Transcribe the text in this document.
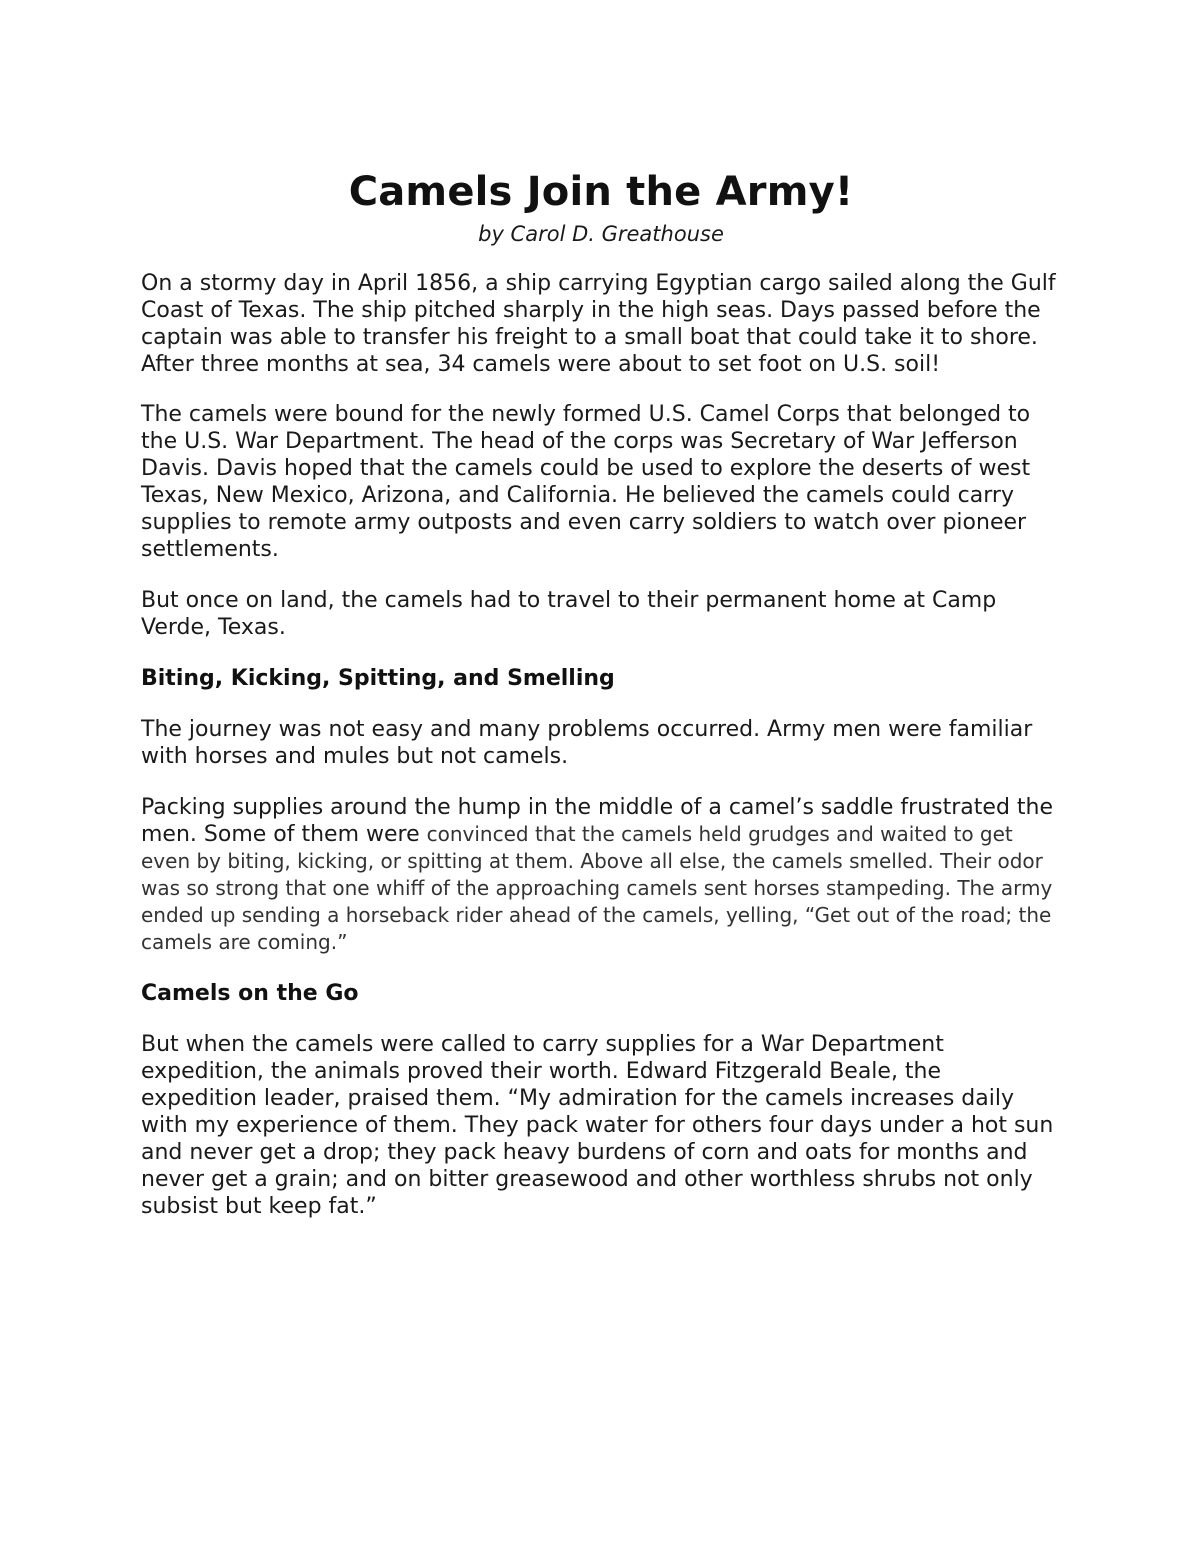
Camels Join the Army!

by Carol D. Greathouse

On a stormy day in April 1856, a ship carrying Egyptian cargo sailed along the Gulf Coast of Texas. The ship pitched sharply in the high seas. Days passed before the captain was able to transfer his freight to a small boat that could take it to shore. After three months at sea, 34 camels were about to set foot on U.S. soil!

The camels were bound for the newly formed U.S. Camel Corps that belonged to the U.S. War Department. The head of the corps was Secretary of War Jefferson Davis. Davis hoped that the camels could be used to explore the deserts of west Texas, New Mexico, Arizona, and California. He believed the camels could carry supplies to remote army outposts and even carry soldiers to watch over pioneer settlements.

But once on land, the camels had to travel to their permanent home at Camp Verde, Texas.

Biting, Kicking, Spitting, and Smelling

The journey was not easy and many problems occurred. Army men were familiar with horses and mules but not camels.

Packing supplies around the hump in the middle of a camel’s saddle frustrated the men. Some of them were convinced that the camels held grudges and waited to get even by biting, kicking, or spitting at them. Above all else, the camels smelled. Their odor was so strong that one whiff of the approaching camels sent horses stampeding. The army ended up sending a horseback rider ahead of the camels, yelling, “Get out of the road; the camels are coming.”

Camels on the Go

But when the camels were called to carry supplies for a War Department expedition, the animals proved their worth. Edward Fitzgerald Beale, the expedition leader, praised them. “My admiration for the camels increases daily with my experience of them. They pack water for others four days under a hot sun and never get a drop; they pack heavy burdens of corn and oats for months and never get a grain; and on bitter greasewood and other worthless shrubs not only subsist but keep fat.”
